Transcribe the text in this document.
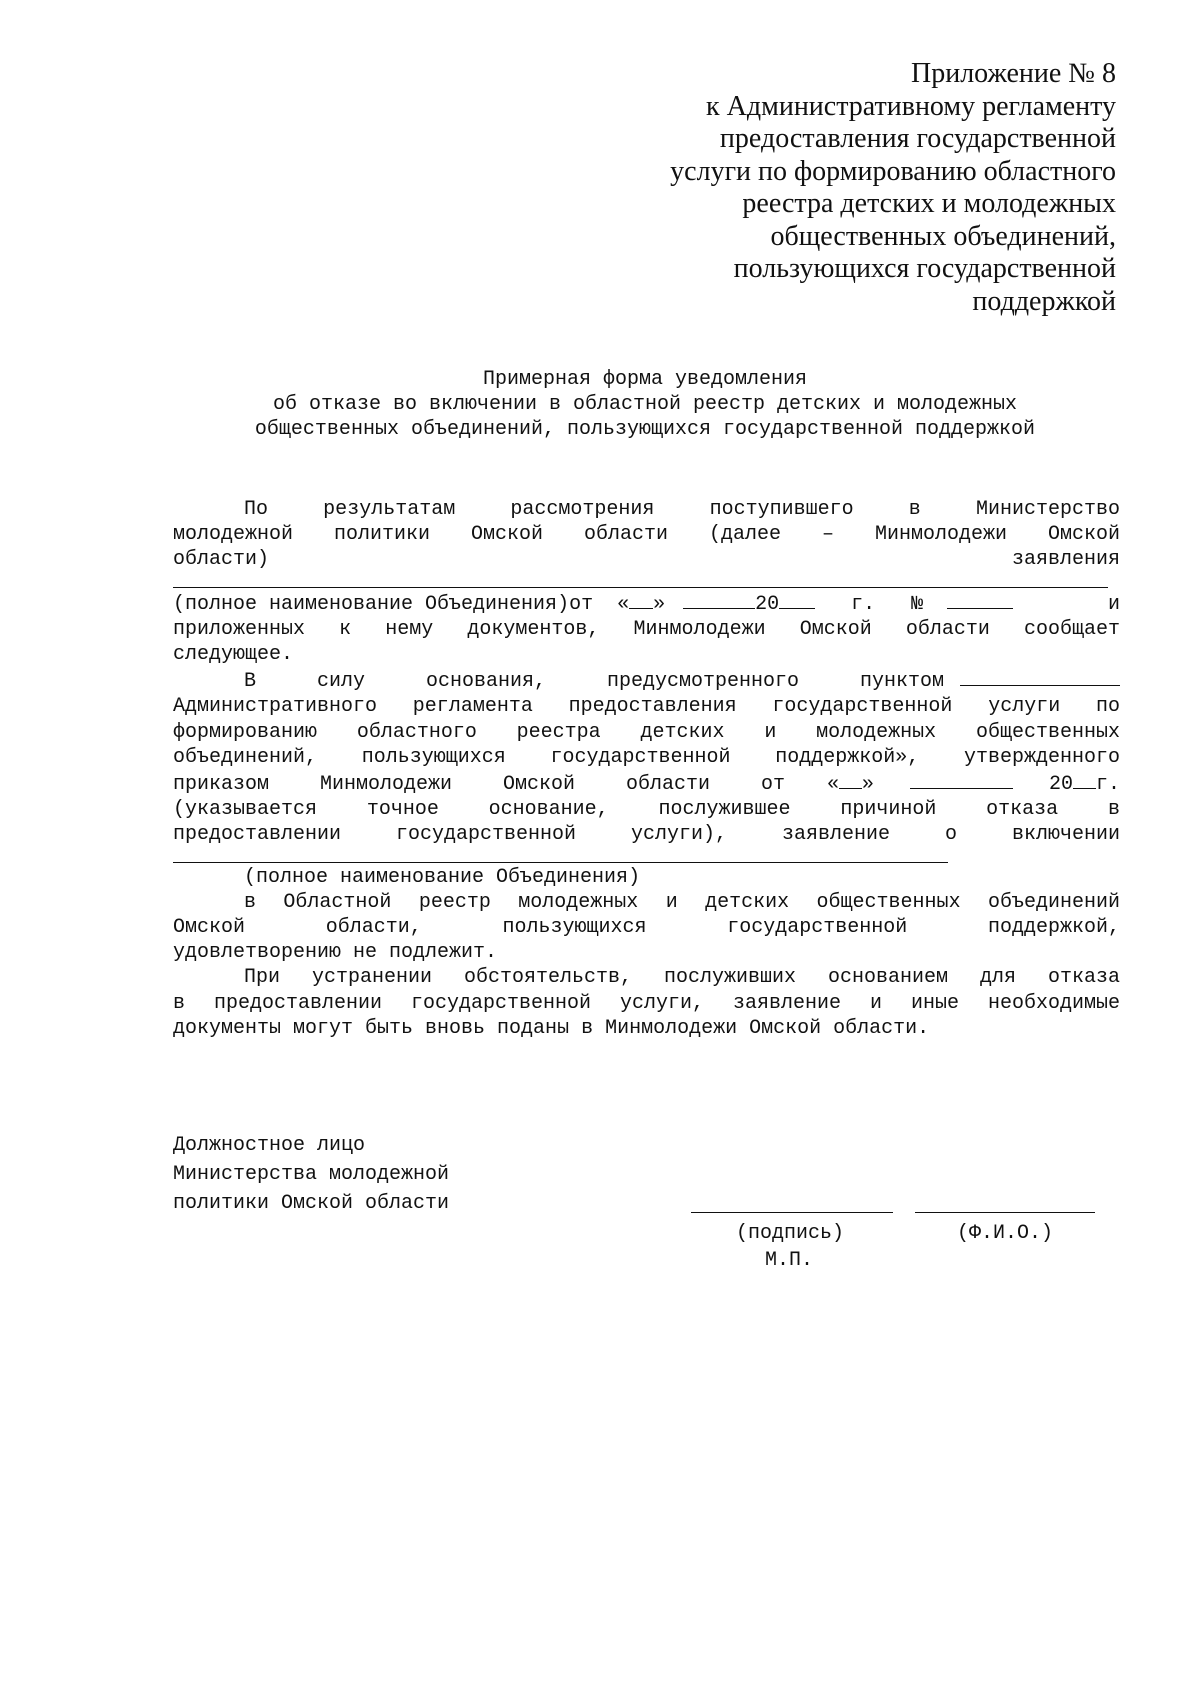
Приложение № 8
к Административному регламенту
предоставления государственной
услуги по формированию областного
реестра детских и молодежных
общественных объединений,
пользующихся государственной
поддержкой
Примерная форма уведомления
об отказе во включении в областной реестр детских и молодежных
общественных объединений, пользующихся государственной поддержкой
По результатам рассмотрения поступившего в Министерство
молодежной политики Омской области (далее – Минмолодежи Омской
области)	заявления
(полное наименование Объединения)от « »	20	г. №	и
приложенных к нему документов, Минмолодежи Омской области сообщает
следующее.
В силу основания, предусмотренного пунктом
Административного регламента предоставления государственной услуги по
формированию областного реестра детских и молодежных общественных
объединений, пользующихся государственной поддержкой», утвержденного
приказом Минмолодежи Омской области от « »	20 г.
(указывается точное основание, послужившее причиной отказа в
предоставлении государственной услуги), заявление о включении
(полное наименование Объединения)
в Областной реестр молодежных и детских общественных объединений
Омской области, пользующихся государственной поддержкой,
удовлетворению не подлежит.
При устранении обстоятельств, послуживших основанием для отказа
в предоставлении государственной услуги, заявление и иные необходимые
документы могут быть вновь поданы в Минмолодежи Омской области.
Должностное лицо
Министерства молодежной
политики Омской области
(подпись)	(Ф.И.О.)
М.П.
